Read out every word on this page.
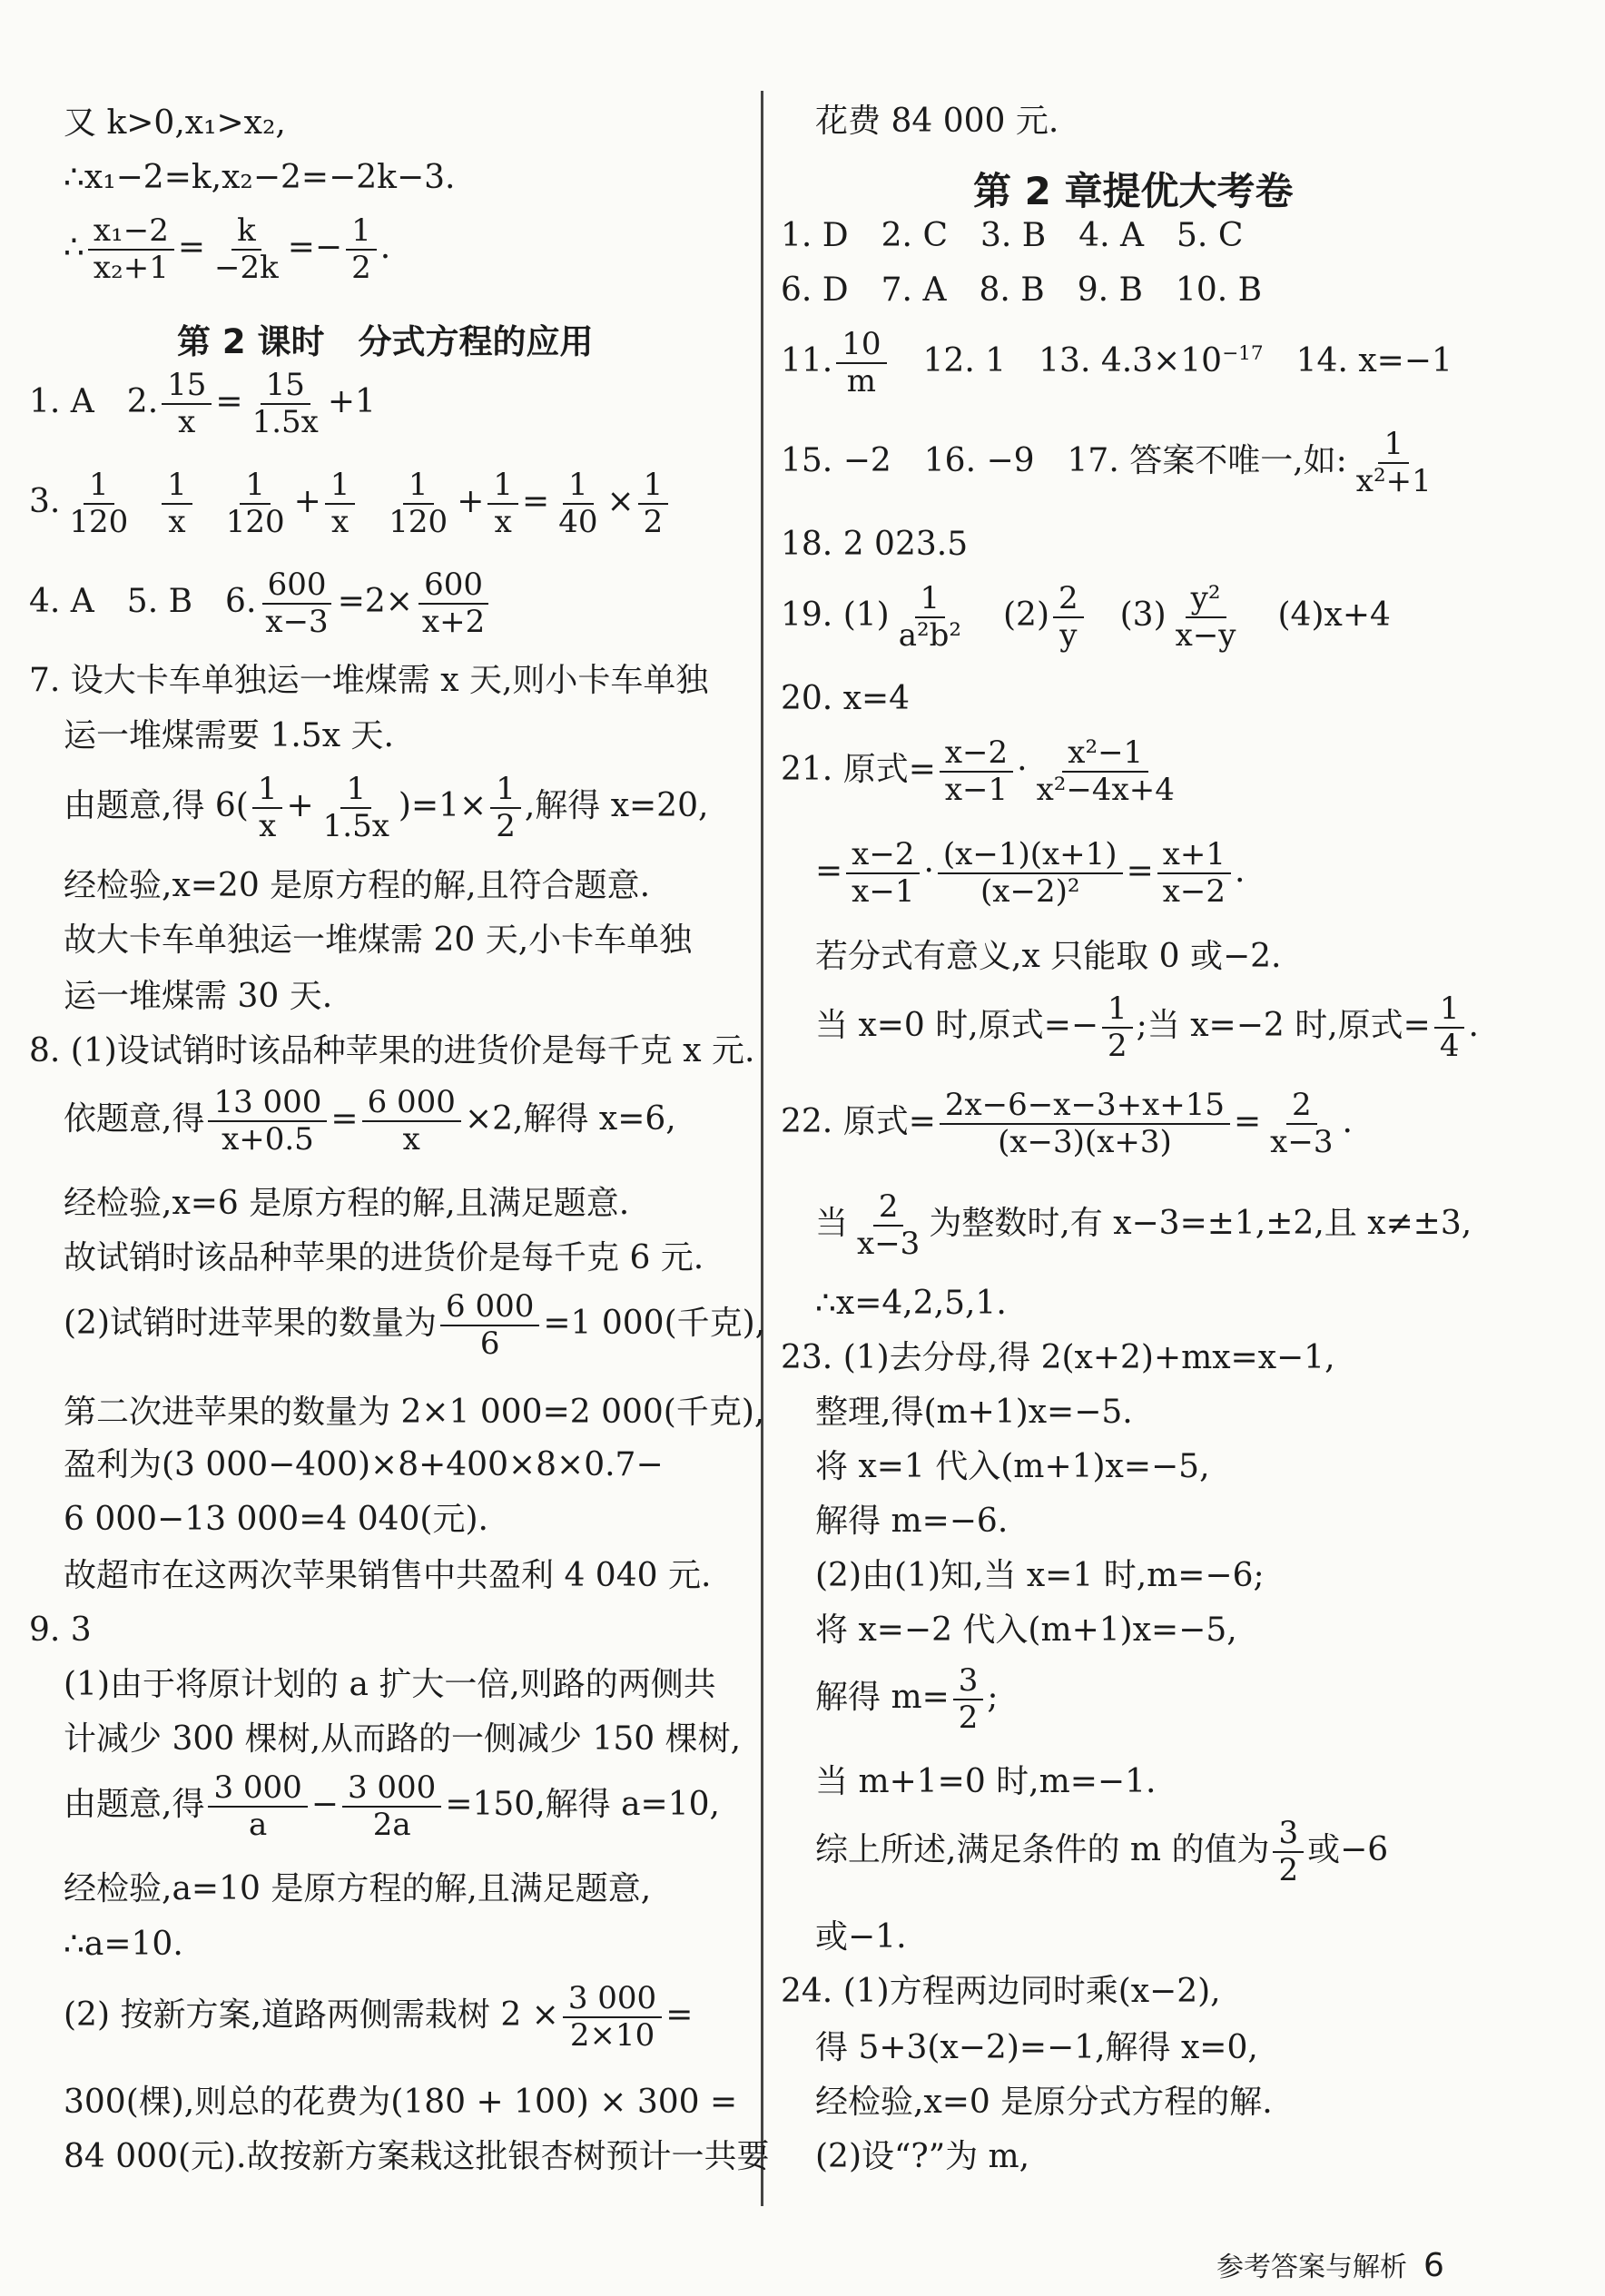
又 k>0,x₁>x₂,
∴x₁−2=k,x₂−2=−2k−3.
∴ $\frac{\text{x₁−2}}{\text{x₂+1}} = \frac{k}{-2k} =- \frac{1}{2}$ .
第 2 课时　分式方程的应用
1. A　2. $\frac{15}{x} = \frac{15}{1.5x} +1$
3. $\frac{1}{120}$
$\frac{1}{x}$
$\frac{1}{120} + \frac{1}{x}$
$\frac{1}{120} + \frac{1}{x} = \frac{1}{40} \times \frac{1}{2}$
4. A　5. B　6. $\frac{600}{x-3} =2\times \frac{600}{x+2}$
7. 设大卡车单独运一堆煤需 x 天,则小卡车单独
运一堆煤需要 1.5x 天.
由题意,得 $6( \frac{1}{x} + \frac{1}{1.5x} )=1\times \frac{1}{2}$ ,解得 x=20,
经检验,x=20 是原方程的解,且符合题意.
故大卡车单独运一堆煤需 20 天,小卡车单独
运一堆煤需 30 天.
8. (1)设试销时该品种苹果的进货价是每千克 x 元.
依题意,得 $\frac{13 000}{x+0.5} = \frac{6 000}{x} \times 2$,解得 x=6,
经检验,x=6 是原方程的解,且满足题意.
故试销时该品种苹果的进货价是每千克 6 元.
(2)试销时进苹果的数量为 $\frac{6 000}{6} =1$ 000(千克),
第二次进苹果的数量为 2×1 000=2 000(千克),
盈利为(3 000−400)×8+400×8×0.7−
6 000−13 000=4 040(元).
故超市在这两次苹果销售中共盈利 4 040 元.
9. 3
(1)由于将原计划的 a 扩大一倍,则路的两侧共
计减少 300 棵树,从而路的一侧减少 150 棵树,
由题意,得 $\frac{3 000}{a} - \frac{3 000}{2a} =150$,解得 a=10,
经检验,a=10 是原方程的解,且满足题意,
∴a=10.
(2) 按新方案,道路两侧需栽树 $2 \times \frac{3 000}{2\times 10}$ =
300(棵),则总的花费为(180 + 100) × 300 =
84 000(元).故按新方案栽这批银杏树预计一共要
花费 84 000 元.
第 2 章提优大考卷
1. D　2. C　3. B　4. A　5. C
6. D　7. A　8. B　9. B　10. B
11. $\frac{10}{m}$ 　12. 1　13. $4.3\times 10^{-17}$　14. x=−1
15. −2　16. −9　17. 答案不唯一,如: $\frac{1}{\text{x²+1}}$
18. 2 023.5
19. $(1) \frac{1}{\text{a²b²}}$ 　$(2) \frac{2}{y}$ 　$(3) \frac{\text{y²}}{x-y}$ 　(4)x+4
20. x=4
21. 原式= $\frac{x-2}{x-1} \cdot \frac{\text{x²−1}}{\text{x²−4x+4}}$
= $\frac{x-2}{x-1} \cdot \frac{(x-1)(x+1)}{\text{(x−2)²}} = \frac{x+1}{x-2}$ .
若分式有意义,x 只能取 0 或−2.
当 x=0 时,原式=− $\frac{1}{2}$ ;当 x=−2 时,原式= $\frac{1}{4}$ .
22. 原式= $\frac{2x-6-x-3+x+15}{(x-3)(x+3)} = \frac{2}{x-3}$ .
当 $\frac{2}{x-3}$ 为整数时,有 x−3=±1,±2,且 x≠±3,
∴x=4,2,5,1.
23. (1)去分母,得 2(x+2)+mx=x−1,
整理,得(m+1)x=−5.
将 x=1 代入(m+1)x=−5,
解得 m=−6.
(2)由(1)知,当 x=1 时,m=−6;
将 x=−2 代入(m+1)x=−5,
解得 $m= \frac{3}{2}$ ;
当 m+1=0 时,m=−1.
综上所述,满足条件的 m 的值为 $\frac{3}{2}$ 或−6
或−1.
24. (1)方程两边同时乘(x−2),
得 5+3(x−2)=−1,解得 x=0,
经检验,x=0 是原分式方程的解.
(2)设“?”为 m,
参考答案与解析 6
